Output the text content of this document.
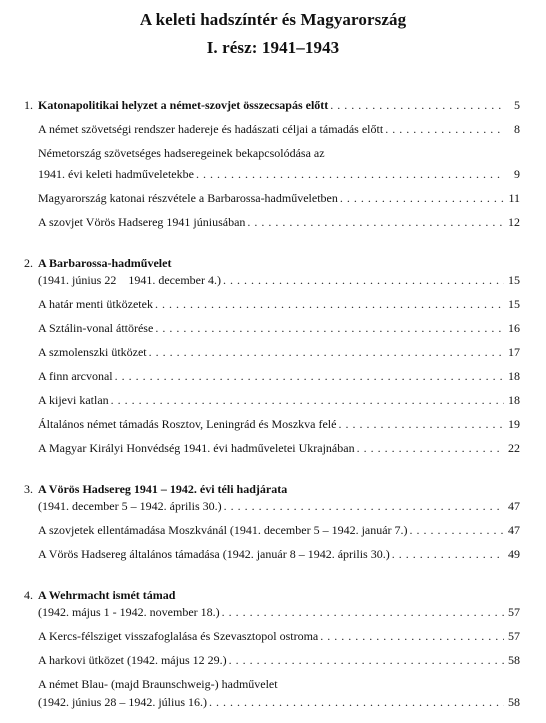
A keleti hadszíntér és Magyarország
I. rész: 1941–1943
1. Katonapolitikai helyzet a német-szovjet összecsapás előtt . . .	5
A német szövetségi rendszer hadereje és hadászati céljai a támadás előtt . . .	8
Németország szövetséges hadseregeinek bekapcsolódása az
1941. évi keleti hadműveletekbe . . .	9
Magyarország katonai részvétele a Barbarossa-hadműveletben . . .	11
A szovjet Vörös Hadsereg 1941 júniusában . . .	12
2. A Barbarossa-hadművelet
(1941. június 22    1941. december 4.) . . .	15
A határ menti ütközetek . . .	15
A Sztálin-vonal áttörése . . .	16
A szmolenszki ütközet . . .	17
A finn arcvonal . . .	18
A kijevi katlan . . .	18
Általános német támadás Rosztov, Leningrád és Moszkva felé . . .	19
A Magyar Királyi Honvédség 1941. évi hadműveletei Ukrajnában . . .	22
3. A Vörös Hadsereg 1941 – 1942. évi téli hadjárata
(1941. december 5 – 1942. április 30.) . . .	47
A szovjetek ellentámadása Moszkvánál (1941. december 5 – 1942. január 7.) . . .	47
A Vörös Hadsereg általános támadása (1942. január 8 – 1942. április 30.) . . .	49
4. A Wehrmacht ismét támad
(1942. május 1 - 1942. november 18.) . . .	57
A Kercs-félsziget visszafoglalása és Szevasztopol ostroma . . .	57
A harkovi ütközet (1942. május 12 29.) . . .	58
A német Blau- (majd Braunschweig-) hadművelet
(1942. június 28 – 1942. július 16.) . . .	58
